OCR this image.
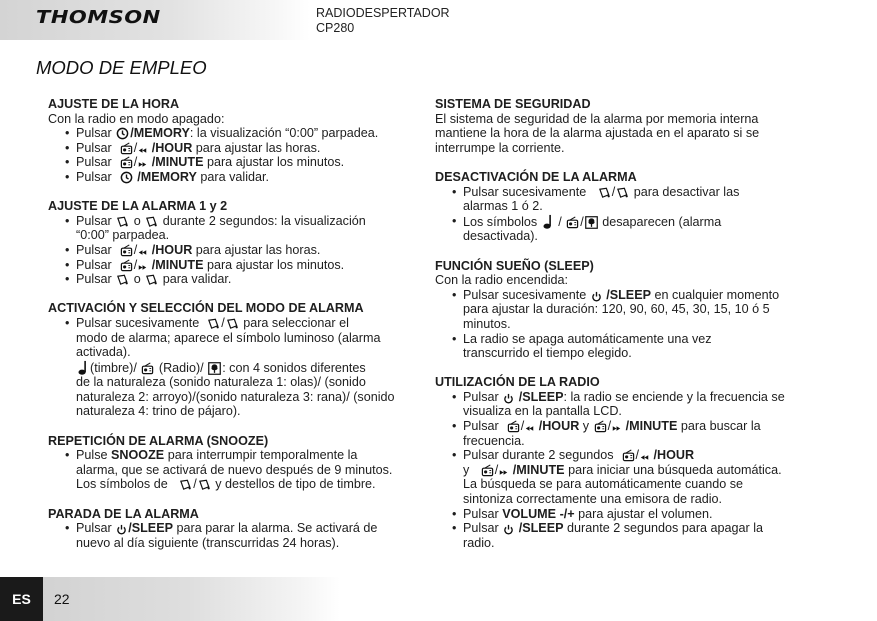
THOMSON	RADIODESPERTADOR
CP280
MODO DE EMPLEO
AJUSTE DE LA HORA

Con la radio en modo apagado:

• Pulsar /MEMORY: la visualización “0:00” parpadea.
• Pulsar / /HOUR para ajustar las horas.
• Pulsar / /MINUTE para ajustar los minutos.
• Pulsar /MEMORY para validar.
AJUSTE DE LA ALARMA 1 y 2
• Pulsar o durante 2 segundos: la visualización
“0:00” parpadea.
• Pulsar / /HOUR para ajustar las horas.
• Pulsar / /MINUTE para ajustar los minutos.
• Pulsar o para validar.
ACTIVACIÓN Y SELECCIÓN DEL MODO DE ALARMA
• Pulsar sucesivamente / para seleccionar el
modo de alarma; aparece el símbolo luminoso (alarma
activada).
(timbre)/ (Radio)/ : con 4 sonidos diferentes
de la naturaleza (sonido naturaleza 1: olas)/ (sonido
naturaleza 2: arroyo)/(sonido naturaleza 3: rana)/ (sonido
naturaleza 4: trino de pájaro).
REPETICIÓN DE ALARMA (SNOOZE)
• Pulse SNOOZE para interrumpir temporalmente la
alarma, que se activará de nuevo después de 9 minutos.
Los símbolos de / y destellos de tipo de timbre.
PARADA DE LA ALARMA
• Pulsar /SLEEP para parar la alarma. Se activará de
nuevo al día siguiente (transcurridas 24 horas).
SISTEMA DE SEGURIDAD

El sistema de seguridad de la alarma por memoria interna
mantiene la hora de la alarma ajustada en el aparato si se
interrumpe la corriente.

DESACTIVACIÓN DE LA ALARMA
• Pulsar sucesivamente / para desactivar las
alarmas 1 ó 2.
• Los símbolos  / / desaparecen (alarma
desactivada).
FUNCIÓN SUEÑO (SLEEP)

Con la radio encendida:

• Pulsar sucesivamente /SLEEP en cualquier momento
para ajustar la duración: 120, 90, 60, 45, 30, 15, 10 ó 5
minutos.
• La radio se apaga automáticamente una vez
transcurrido el tiempo elegido.
UTILIZACIÓN DE LA RADIO
• Pulsar /SLEEP: la radio se enciende y la frecuencia se
visualiza en la pantalla LCD.
• Pulsar / /HOUR y / /MINUTE para buscar la
frecuencia.
• Pulsar durante 2 segundos / /HOUR
y / /MINUTE para iniciar una búsqueda automática.
La búsqueda se para automáticamente cuando se
sintoniza correctamente una emisora de radio.
• Pulsar VOLUME -/+ para ajustar el volumen.
• Pulsar /SLEEP durante 2 segundos para apagar la
radio.
ES	22
